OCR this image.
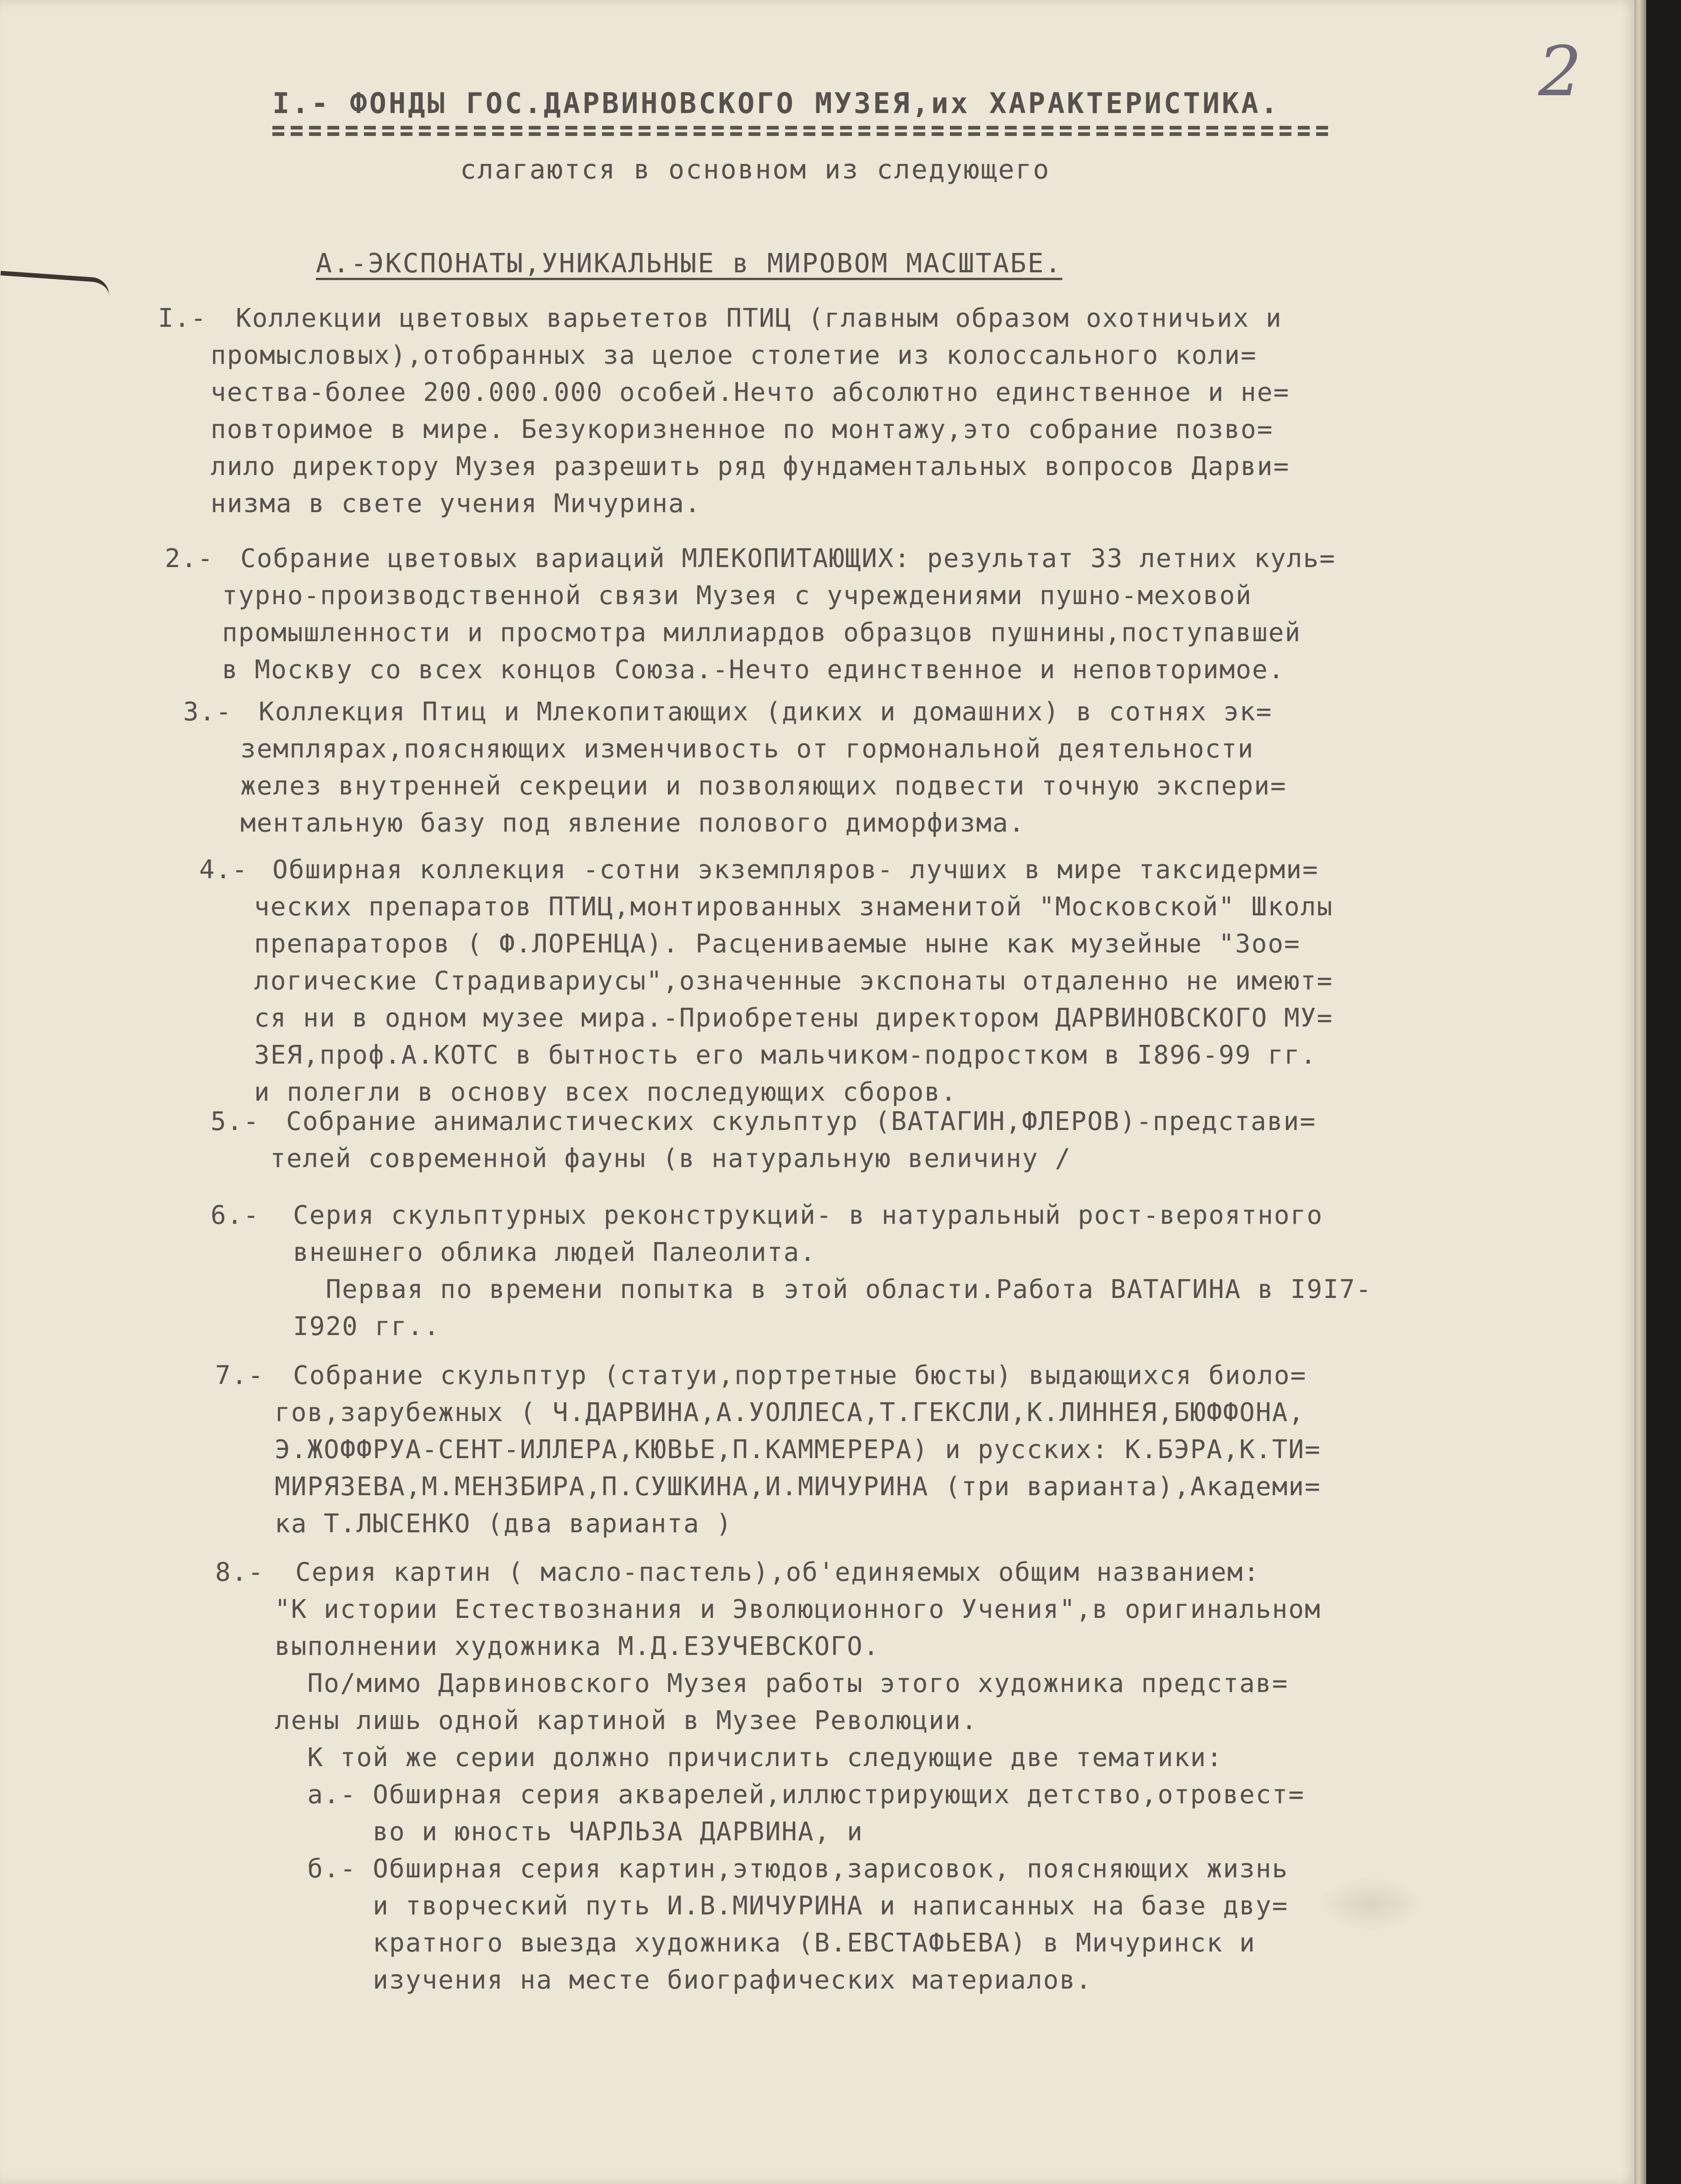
2
I.- ФОНДЫ ГОС.ДАРВИНОВСКОГО МУЗЕЯ,их ХАРАКТЕРИСТИКА.
слагаются в основном из следующего
А.-ЭКСПОНАТЫ,УНИКАЛЬНЫЕ в МИРОВОМ МАСШТАБЕ.
I.- Коллекции цветовых варьететов ПТИЦ (главным образом охотничьих и
промысловых),отобранных за целое столетие из колоссального коли=
чества-более 200.000.000 особей.Нечто абсолютно единственное и не=
повторимое в мире. Безукоризненное по монтажу,это собрание позво=
лило директору Музея разрешить ряд фундаментальных вопросов Дарви=
низма в свете учения Мичурина.
2.- Собрание цветовых вариаций МЛЕКОПИТАЮЩИХ: результат 33 летних куль=
турно-производственной связи Музея с учреждениями пушно-меховой
промышленности и просмотра миллиардов образцов пушнины,поступавшей
в Москву со всех концов Союза.-Нечто единственное и неповторимое.
3.- Коллекция Птиц и Млекопитающих (диких и домашних) в сотнях эк=
земплярах,поясняющих изменчивость от гормональной деятельности
желез внутренней секреции и позволяющих подвести точную экспери=
ментальную базу под явление полового диморфизма.
4.- Обширная коллекция -сотни экземпляров- лучших в мире таксидерми=
ческих препаратов ПТИЦ,монтированных знаменитой "Московской" Школы
препараторов ( Ф.ЛОРЕНЦА). Расцениваемые ныне как музейные "Зоо=
логические Страдивариусы",означенные экспонаты отдаленно не имеют=
ся ни в одном музее мира.-Приобретены директором ДАРВИНОВСКОГО МУ=
ЗЕЯ,проф.А.КОТС в бытность его мальчиком-подростком в I896-99 гг.
и полегли в основу всех последующих сборов.
5.- Собрание анималистических скульптур (ВАТАГИН,ФЛЕРОВ)-представи=
телей современной фауны (в натуральную величину /
6.- Серия скульптурных реконструкций- в натуральный рост-вероятного
внешнего облика людей Палеолита.
Первая по времени попытка в этой области.Работа ВАТАГИНА в I9I7-
I920 гг..
7.- Собрание скульптур (статуи,портретные бюсты) выдающихся биоло=
гов,зарубежных ( Ч.ДАРВИНА,А.УОЛЛЕСА,Т.ГЕКСЛИ,К.ЛИННЕЯ,БЮФФОНА,
Э.ЖОФФРУА-СЕНТ-ИЛЛЕРА,КЮВЬЕ,П.КАММЕРЕРА) и русских: К.БЭРА,К.ТИ=
МИРЯЗЕВА,М.МЕНЗБИРА,П.СУШКИНА,И.МИЧУРИНА (три варианта),Академи=
ка Т.ЛЫСЕНКО (два варианта )
8.- Серия картин ( масло-пастель),об'единяемых общим названием:
"К истории Естествознания и Эволюционного Учения",в оригинальном
выполнении художника М.Д.ЕЗУЧЕВСКОГО.
По/мимо Дарвиновского Музея работы этого художника представ=
лены лишь одной картиной в Музее Революции.
К той же серии должно причислить следующие две тематики:
а.- Обширная серия акварелей,иллюстрирующих детство,отровест=
во и юность ЧАРЛЬЗА ДАРВИНА, и
б.- Обширная серия картин,этюдов,зарисовок, поясняющих жизнь
и творческий путь И.В.МИЧУРИНА и написанных на базе дву=
кратного выезда художника (В.ЕВСТАФЬЕВА) в Мичуринск и
изучения на месте биографических материалов.
